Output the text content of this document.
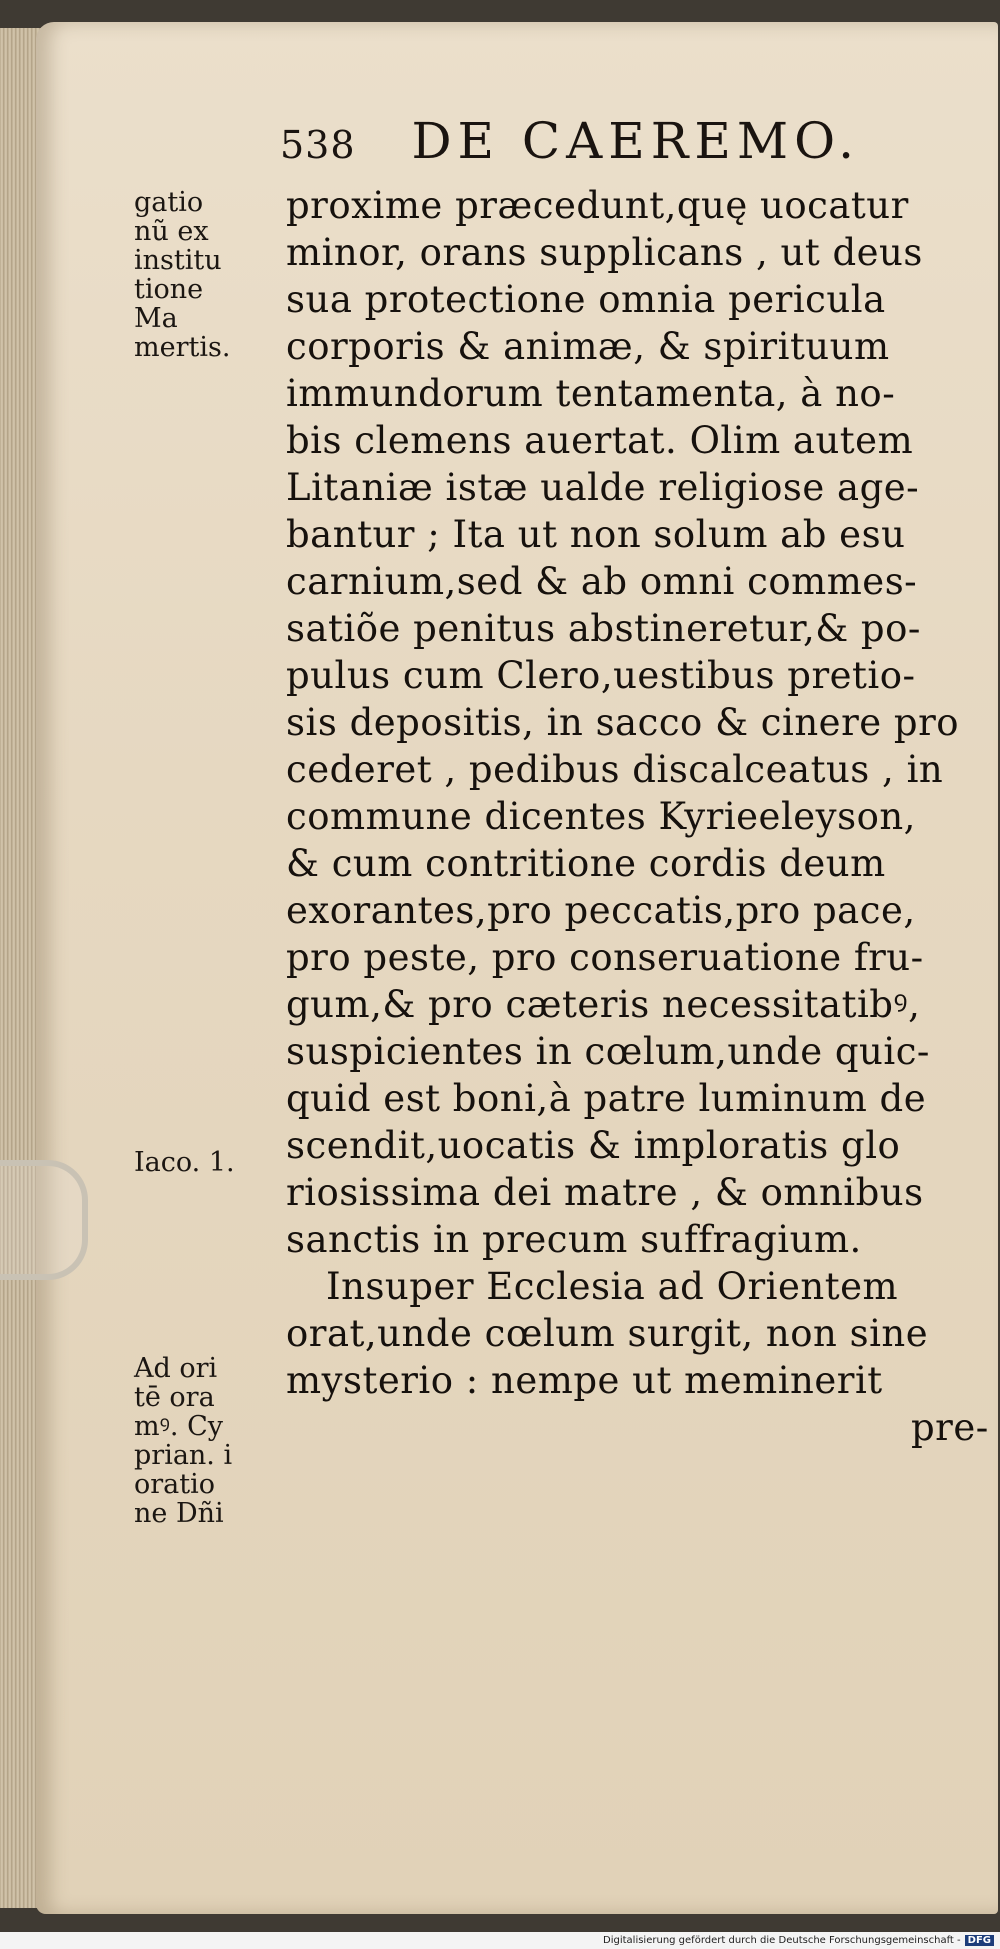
538 DE CAEREMO.
gatio
nũ ex
institu
tione
Ma
mertis.
Iaco. 1.
Ad ori
tē ora
mꝰ. Cy
prian. i
oratio
ne Dñi
proxime præcedunt,quę uocatur
minor, orans supplicans , ut deus
sua protectione omnia pericula
corporis & animæ, & spirituum
immundorum tentamenta, à no-
bis clemens auertat. Olim autem
Litaniæ istæ ualde religiose age-
bantur ; Ita ut non solum ab esu
carnium,sed & ab omni commes-
satiõe penitus abstineretur,& po-
pulus cum Clero,uestibus pretio-
sis depositis, in sacco & cinere pro
cederet , pedibus discalceatus , in
commune dicentes Kyrieeleyson,
& cum contritione cordis deum
exorantes,pro peccatis,pro pace,
pro peste, pro conseruatione fru-
gum,& pro cæteris necessitatibꝰ,
suspicientes in cœlum,unde quic-
quid est boni,à patre luminum de
scendit,uocatis & imploratis glo
riosissima dei matre , & omnibus
sanctis in precum suffragium.
Insuper Ecclesia ad Orientem
orat,unde cœlum surgit, non sine
mysterio : nempe ut meminerit
pre-
Digitalisierung gefördert durch die Deutsche Forschungsgemeinschaft - DFG
